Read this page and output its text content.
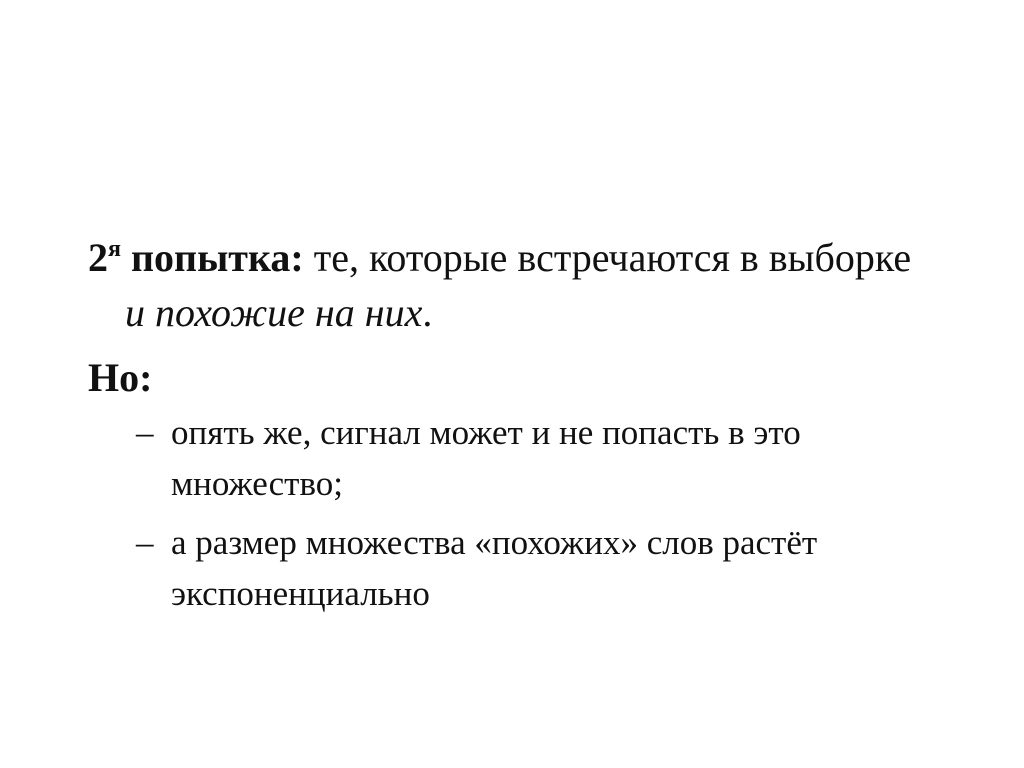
$2^я$ попытка: те, которые встречаются в выборке и похожие на них.

Но:

– опять же, сигнал может и не попасть в это множество;
– а размер множества «похожих» слов растёт экспоненциально
